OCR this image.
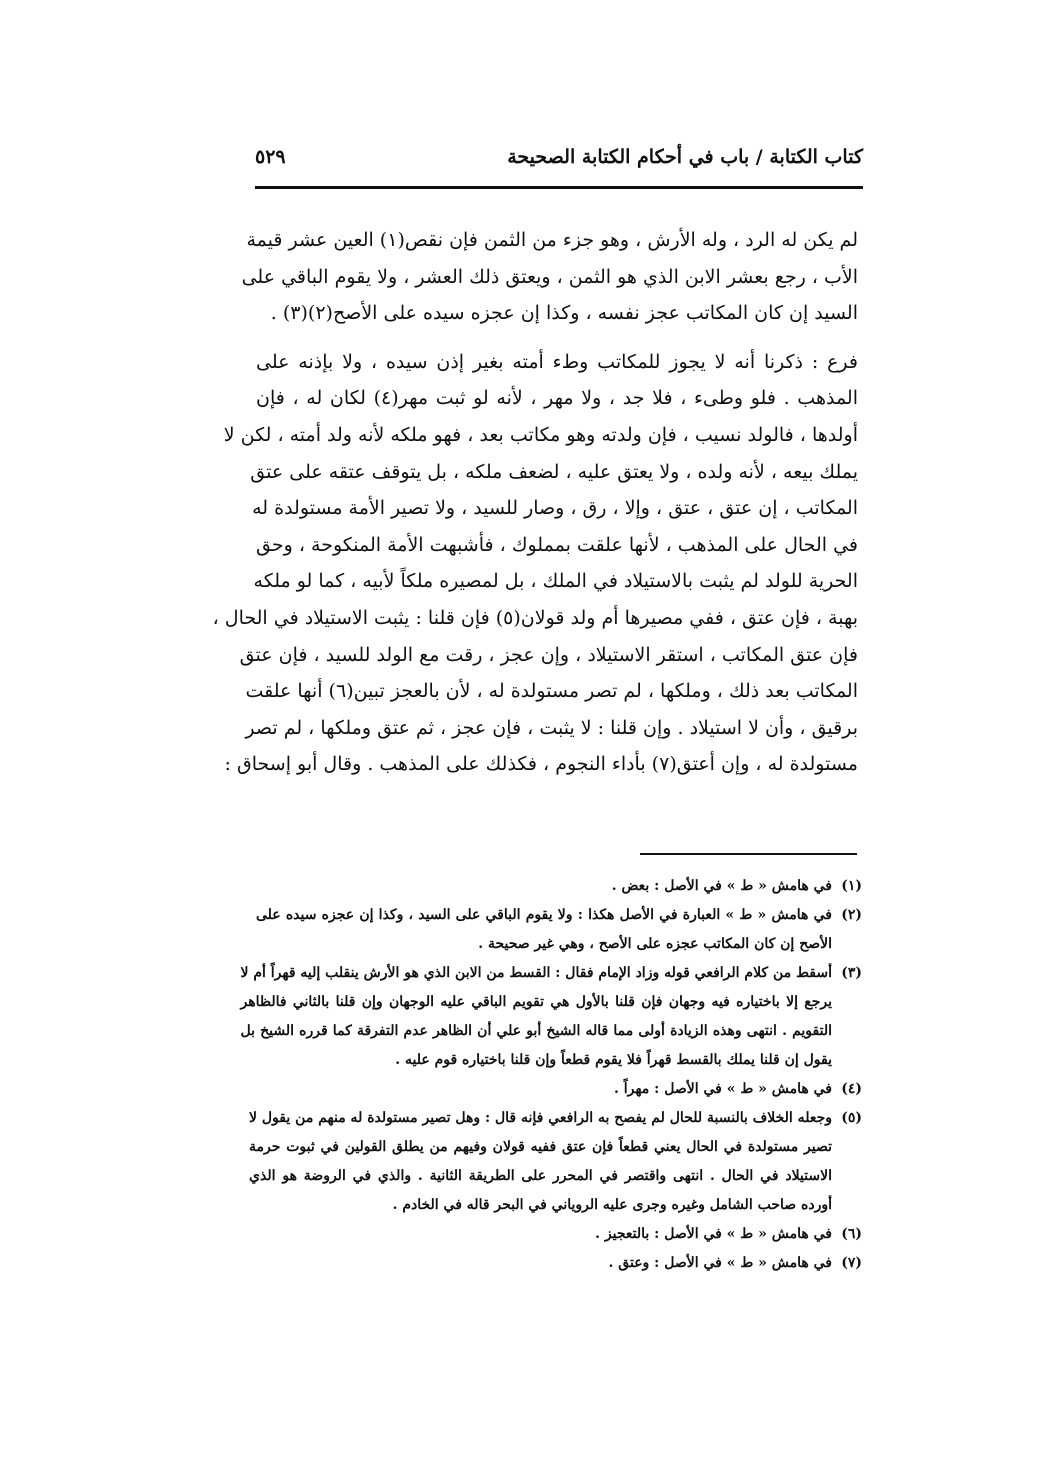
كتاب الكتابة / باب في أحكام الكتابة الصحيحة
٥٢٩
لم يكن له الرد ، وله الأرش ، وهو جزء من الثمن فإن نقص(١) العين عشر قيمة
الأب ، رجع بعشر الابن الذي هو الثمن ، ويعتق ذلك العشر ، ولا يقوم الباقي على
السيد إن كان المكاتب عجز نفسه ، وكذا إن عجزه سيده على الأصح(٢)(٣) .
فرع : ذكرنا أنه لا يجوز للمكاتب وطء أمته بغير إذن سيده ، ولا بإذنه على
المذهب . فلو وطىء ، فلا جد ، ولا مهر ، لأنه لو ثبت مهر(٤) لكان له ، فإن
أولدها ، فالولد نسيب ، فإن ولدته وهو مكاتب بعد ، فهو ملكه لأنه ولد أمته ، لكن لا
يملك بيعه ، لأنه ولده ، ولا يعتق عليه ، لضعف ملكه ، بل يتوقف عتقه على عتق
المكاتب ، إن عتق ، عتق ، وإلا ، رق ، وصار للسيد ، ولا تصير الأمة مستولدة له
في الحال على المذهب ، لأنها علقت بمملوك ، فأشبهت الأمة المنكوحة ، وحق
الحرية للولد لم يثبت بالاستيلاد في الملك ، بل لمصيره ملكاً لأبيه ، كما لو ملكه
بهبة ، فإن عتق ، ففي مصيرها أم ولد قولان(٥) فإن قلنا : يثبت الاستيلاد في الحال ،
فإن عتق المكاتب ، استقر الاستيلاد ، وإن عجز ، رقت مع الولد للسيد ، فإن عتق
المكاتب بعد ذلك ، وملكها ، لم تصر مستولدة له ، لأن بالعجز تبين(٦) أنها علقت
برقيق ، وأن لا استيلاد . وإن قلنا : لا يثبت ، فإن عجز ، ثم عتق وملكها ، لم تصر
مستولدة له ، وإن أعتق(٧) بأداء النجوم ، فكذلك على المذهب . وقال أبو إسحاق :
(١)
في هامش « ط » في الأصل : بعض .
(٢)
في هامش « ط » العبارة في الأصل هكذا : ولا يقوم الباقي على السيد ، وكذا إن عجزه سيده على
الأصح إن كان المكاتب عجزه على الأصح ، وهي غير صحيحة .
(٣)
أسقط من كلام الرافعي قوله وزاد الإمام فقال : القسط من الابن الذي هو الأرش ينقلب إليه قهراً أم لا
يرجع إلا باختياره فيه وجهان فإن قلنا بالأول هي تقويم الباقي عليه الوجهان وإن قلنا بالثاني فالظاهر
التقويم . انتهى وهذه الزيادة أولى مما قاله الشيخ أبو علي أن الظاهر عدم التفرقة كما قرره الشيخ بل
يقول إن قلنا يملك بالقسط قهراً فلا يقوم قطعاً وإن قلنا باختياره قوم عليه .
(٤)
في هامش « ط » في الأصل : مهراً .
(٥)
وجعله الخلاف بالنسبة للحال لم يفصح به الرافعي فإنه قال : وهل تصير مستولدة له منهم من يقول لا
تصير مستولدة في الحال يعني قطعاً فإن عتق ففيه قولان وفيهم من يطلق القولين في ثبوت حرمة
الاستيلاد في الحال . انتهى واقتصر في المحرر على الطريقة الثانية . والذي في الروضة هو الذي
أورده صاحب الشامل وغيره وجرى عليه الروياني في البحر قاله في الخادم .
(٦)
في هامش « ط » في الأصل : بالتعجيز .
(٧)
في هامش « ط » في الأصل : وعتق .
